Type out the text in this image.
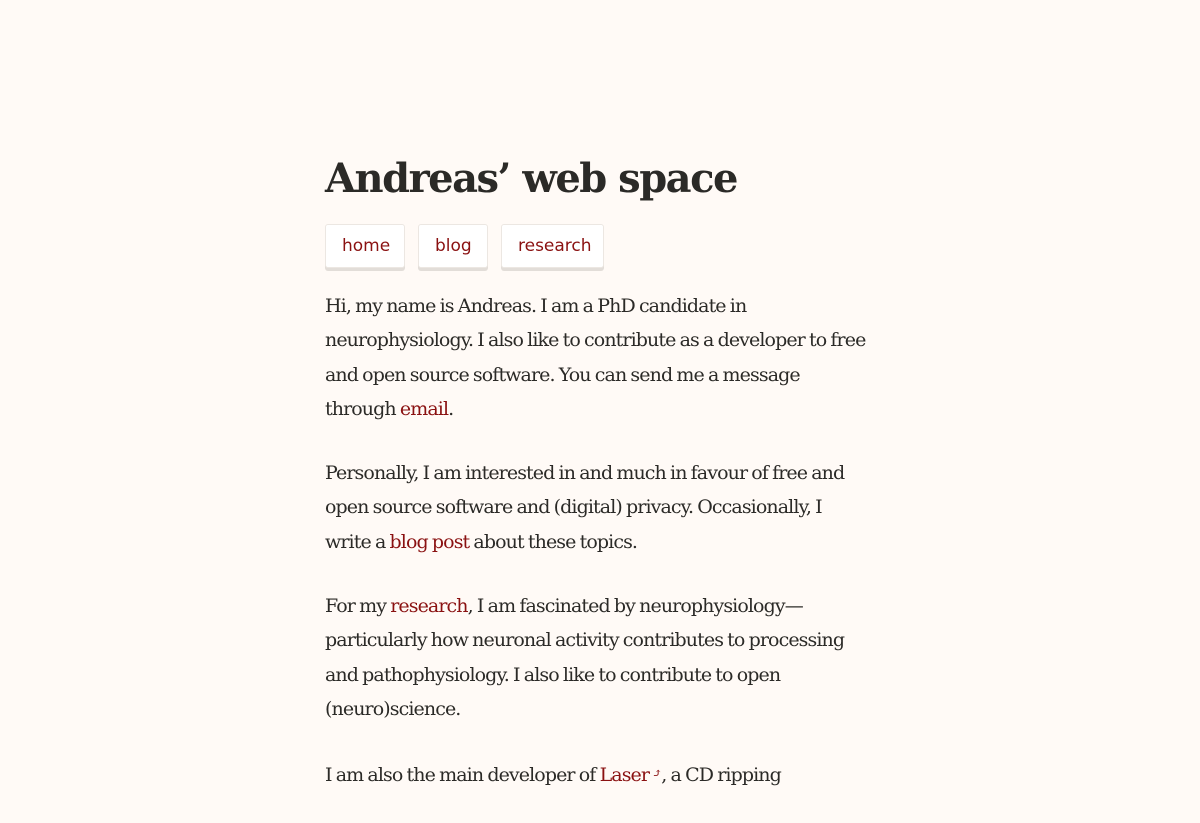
Andreas’ web space
home	blog	research

Hi, my name is Andreas. I am a PhD candidate in neurophysiology. I also like to contribute as a developer to free and open source software. You can send me a message through email.

Personally, I am interested in and much in favour of free and open source software and (digital) privacy. Occasionally, I write a blog post about these topics.

For my research, I am fascinated by neurophysiology—particularly how neuronal activity contributes to processing and pathophysiology. I also like to contribute to open (neuro)science.

I am also the main developer of Laser ⤴, a CD ripping
